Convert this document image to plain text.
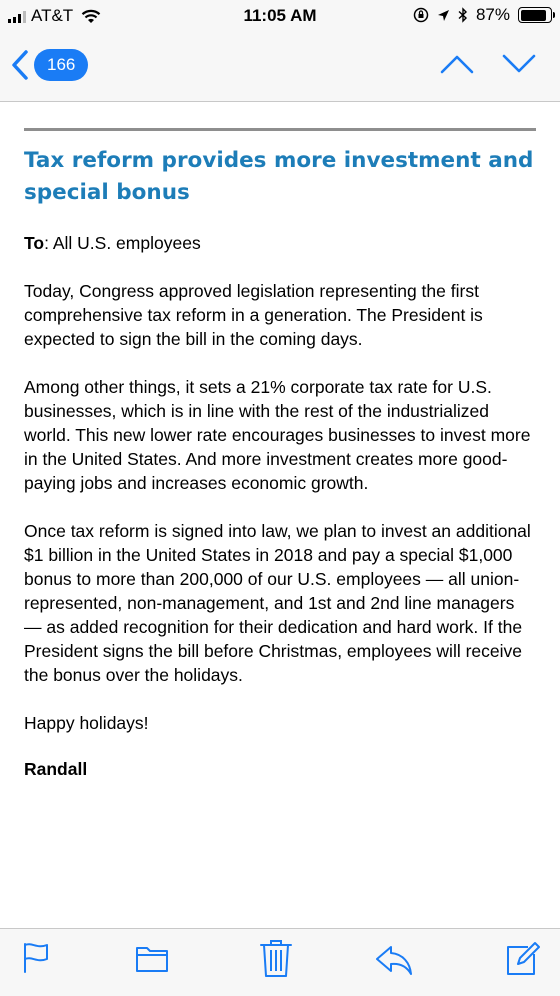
AT&T	11:05 AM	87%
166
Tax reform provides more investment and special bonus
To: All U.S. employees

Today, Congress approved legislation representing the first comprehensive tax reform in a generation. The President is expected to sign the bill in the coming days.

Among other things, it sets a 21% corporate tax rate for U.S. businesses, which is in line with the rest of the industrialized world. This new lower rate encourages businesses to invest more in the United States. And more investment creates more good-paying jobs and increases economic growth.

Once tax reform is signed into law, we plan to invest an additional $1 billion in the United States in 2018 and pay a special $1,000 bonus to more than 200,000 of our U.S. employees — all union-represented, non-management, and 1st and 2nd line managers — as added recognition for their dedication and hard work. If the President signs the bill before Christmas, employees will receive the bonus over the holidays.

Happy holidays!

Randall
